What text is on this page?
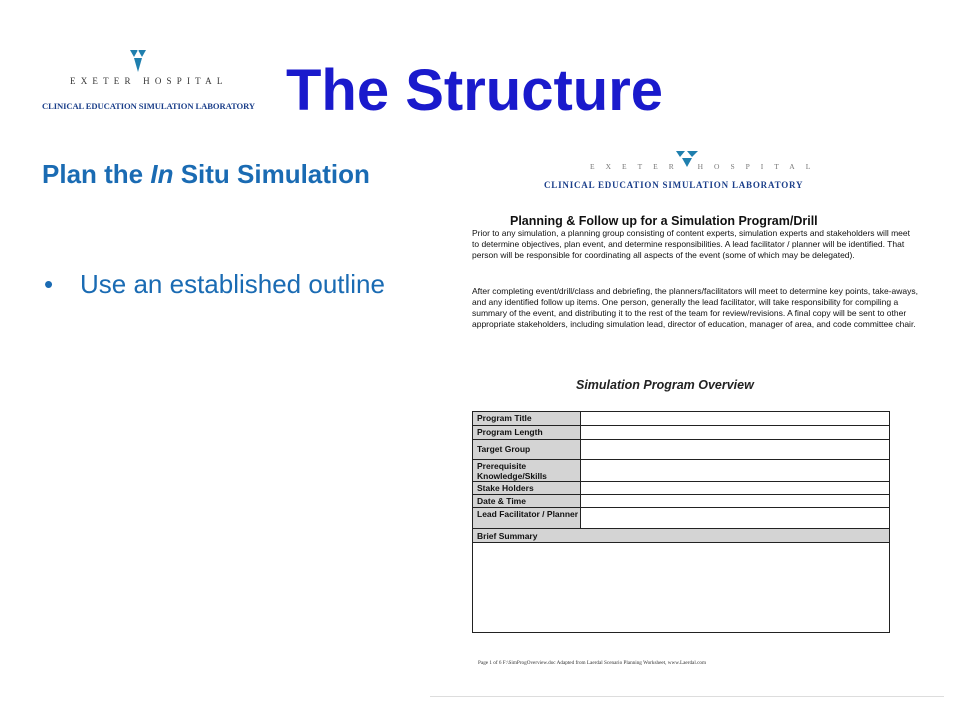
EXETER HOSPITAL
CLINICAL EDUCATION SIMULATION LABORATORY The Structure
Plan the In Situ Simulation
• Use an established outline
EXETER HOSPITAL
CLINICAL EDUCATION SIMULATION LABORATORY
Planning & Follow up for a Simulation Program/Drill

Prior to any simulation, a planning group consisting of content experts, simulation experts and stakeholders will meet to determine objectives, plan event, and determine responsibilities. A lead facilitator / planner will be identified. That person will be responsible for coordinating all aspects of the event (some of which may be delegated).

After completing event/drill/class and debriefing, the planners/facilitators will meet to determine key points, take-aways, and any identified follow up items. One person, generally the lead facilitator, will take responsibility for compiling a summary of the event, and distributing it to the rest of the team for review/revisions. A final copy will be sent to other appropriate stakeholders, including simulation lead, director of education, manager of area, and code committee chair.

Simulation Program Overview
Program Title
Program Length
Target Group
Prerequisite Knowledge/Skills
Stake Holders
Date & Time
Lead Facilitator / Planner
Brief Summary
Page 1 of 6 F:\SimProgOverview.doc Adapted from Laerdal Scenario Planning Worksheet, www.Laerdal.com
